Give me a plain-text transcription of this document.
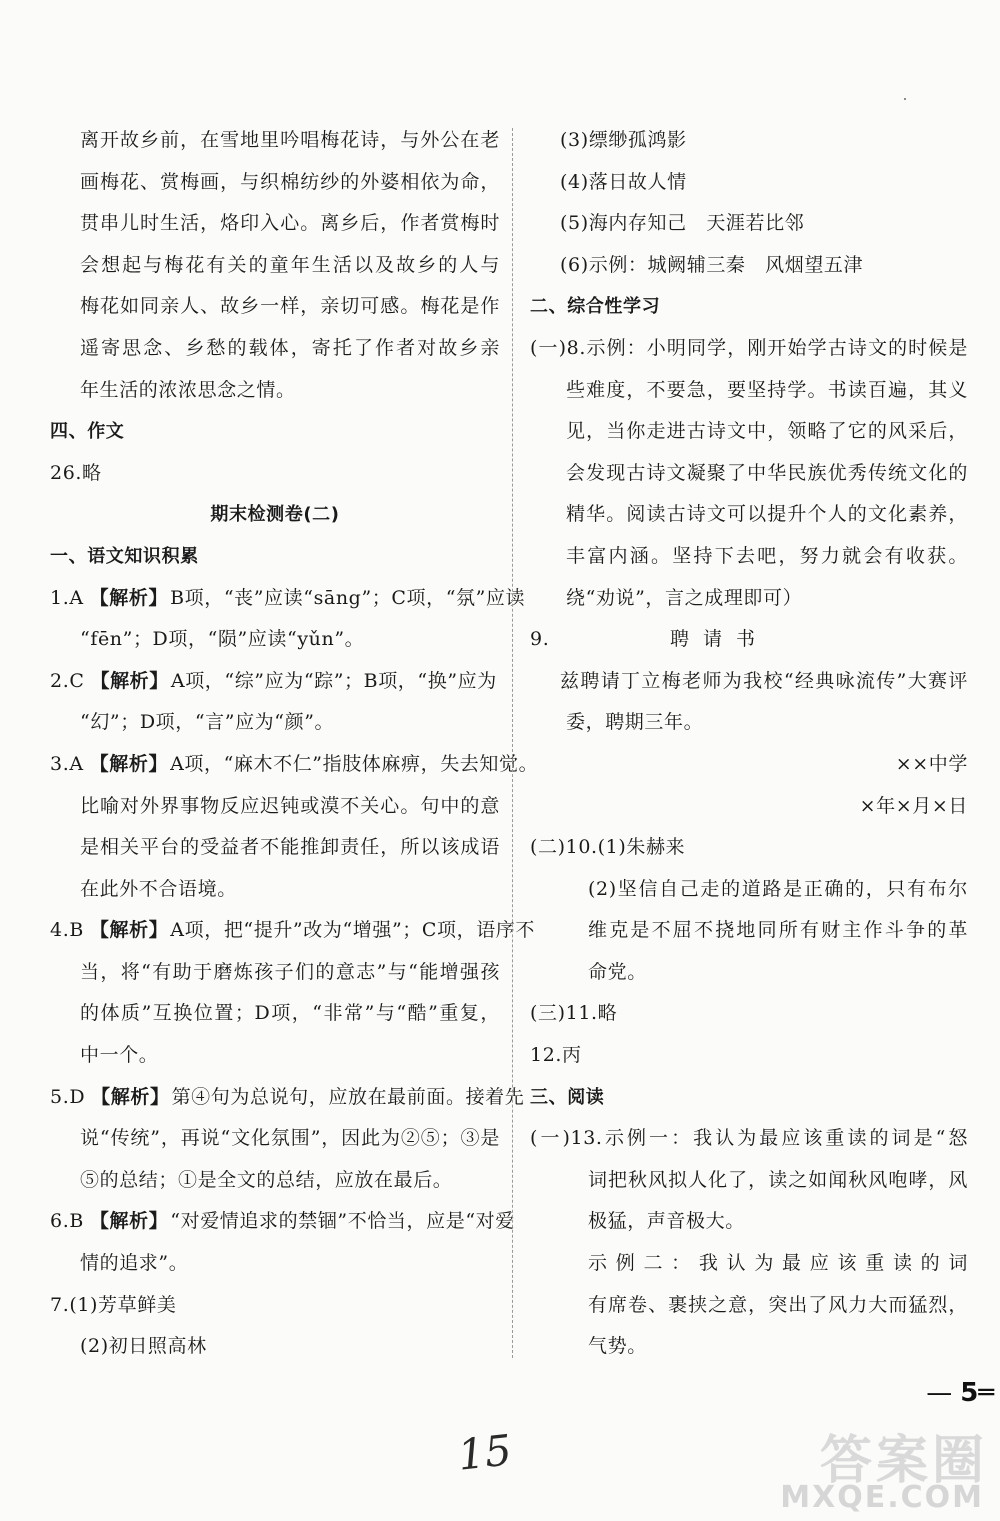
离开故乡前，在雪地里吟唱梅花诗，与外公在老
画梅花、赏梅画，与织棉纺纱的外婆相依为命，
贯串儿时生活，烙印入心。离乡后，作者赏梅时
会想起与梅花有关的童年生活以及故乡的人与
梅花如同亲人、故乡一样，亲切可感。梅花是作
遥寄思念、乡愁的载体，寄托了作者对故乡亲
年生活的浓浓思念之情。
四、作文
26.略
期末检测卷(二)
一、语文知识积累
1.A 【解析】 B项，“丧”应读“sāng”；C项，“氛”应读
“fēn”；D项，“陨”应读“yǔn”。
2.C 【解析】 A项，“综”应为“踪”；B项，“换”应为
“幻”；D项，“言”应为“颜”。
3.A 【解析】 A项，“麻木不仁”指肢体麻痹，失去知觉。
比喻对外界事物反应迟钝或漠不关心。句中的意
是相关平台的受益者不能推卸责任，所以该成语
在此外不合语境。
4.B 【解析】 A项，把“提升”改为“增强”；C项，语序不
当，将“有助于磨炼孩子们的意志”与“能增强孩
的体质”互换位置；D项，“非常”与“酷”重复，
中一个。
5.D 【解析】 第④句为总说句，应放在最前面。接着先
说“传统”，再说“文化氛围”，因此为②⑤；③是
⑤的总结；①是全文的总结，应放在最后。
6.B 【解析】 “对爱情追求的禁锢”不恰当，应是“对爱
情的追求”。
7.(1)芳草鲜美
(2)初日照高林
(3)缥缈孤鸿影
(4)落日故人情
(5)海内存知己　天涯若比邻
(6)示例：城阙辅三秦　风烟望五津
二、综合性学习
(一)8.示例：小明同学，刚开始学古诗文的时候是
些难度，不要急，要坚持学。书读百遍，其义
见，当你走进古诗文中，领略了它的风采后，
会发现古诗文凝聚了中华民族优秀传统文化的
精华。阅读古诗文可以提升个人的文化素养，
丰富内涵。坚持下去吧，努力就会有收获。
绕“劝说”，言之成理即可）
9.	聘请书
兹聘请丁立梅老师为我校“经典咏流传”大赛评
委，聘期三年。
××中学
×年×月×日
(二)10.(1)朱赫来
(2)坚信自己走的道路是正确的，只有布尔
维克是不屈不挠地同所有财主作斗争的革
命党。
(三)11.略
12.丙
三、阅读
(一)13.示例一：我认为最应该重读的词是“怒
词把秋风拟人化了，读之如闻秋风咆哮，风
极猛，声音极大。
示例二：我认为最应该重读的词
有席卷、裹挟之意，突出了风力大而猛烈，
气势。
— 5═
15	答案圈
MXQE.COM
